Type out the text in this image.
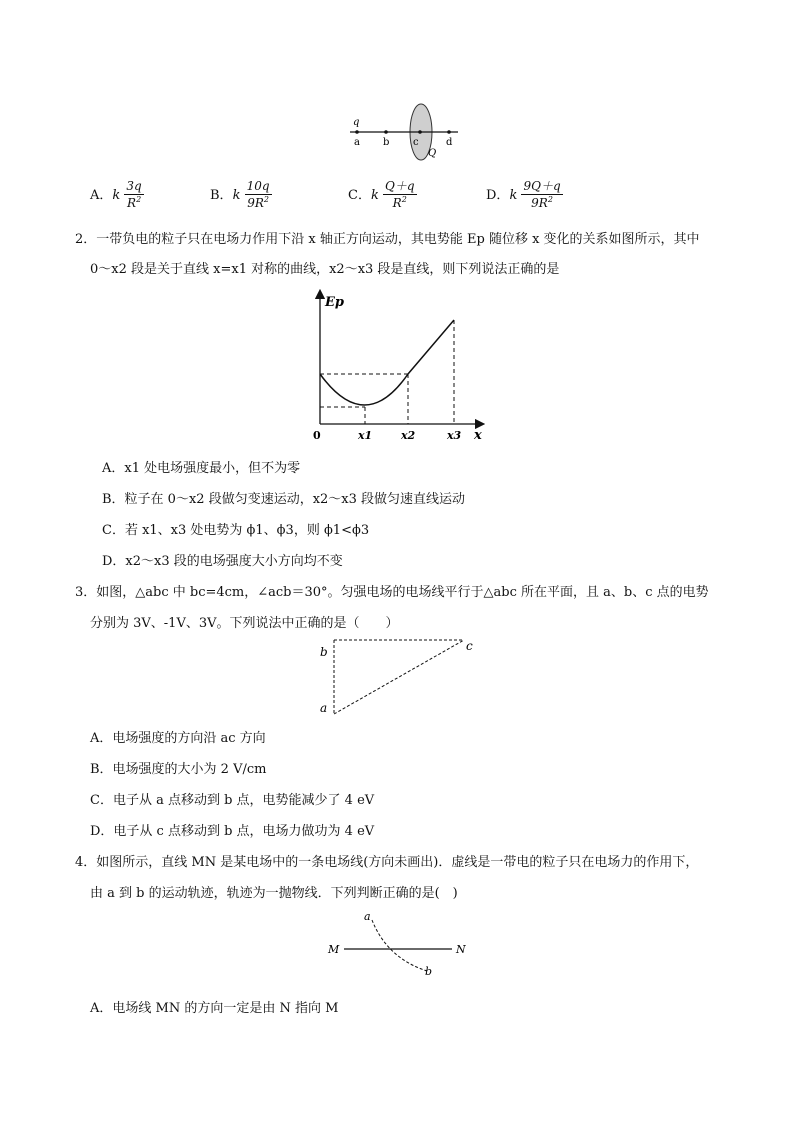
q
a b c	d
Q
A．k $\frac{3q}{R^2}$	B．k $\frac{10q}{9R^2}$	C．k $\frac{Q+q}{R^2}$	D．k $\frac{9Q+q}{9R^2}$
2．一带负电的粒子只在电场力作用下沿 x 轴正方向运动，其电势能 Ep 随位移 x 变化的关系如图所示，其中
0～x2 段是关于直线 x=x1 对称的曲线，x2～x3 段是直线，则下列说法正确的是
Ep
0	x1	x2	x3 x
A．x1 处电场强度最小，但不为零
B．粒子在 0～x2 段做匀变速运动，x2～x3 段做匀速直线运动
C．若 x1、x3 处电势为 ϕ1、ϕ3，则 ϕ1<ϕ3
D．x2～x3 段的电场强度大小方向均不变
3．如图，△abc 中 bc=4cm，∠acb＝30°。匀强电场的电场线平行于△abc 所在平面，且 a、b、c 点的电势
分别为 3V、-1V、3V。下列说法中正确的是（　　）
b	c
a
A．电场强度的方向沿 ac 方向
B．电场强度的大小为 2 V/cm
C．电子从 a 点移动到 b 点，电势能减少了 4 eV
D．电子从 c 点移动到 b 点，电场力做功为 4 eV
4．如图所示，直线 MN 是某电场中的一条电场线(方向未画出)．虚线是一带电的粒子只在电场力的作用下，
由 a 到 b 的运动轨迹，轨迹为一抛物线．下列判断正确的是(　)
a
M	N
b
A．电场线 MN 的方向一定是由 N 指向 M
